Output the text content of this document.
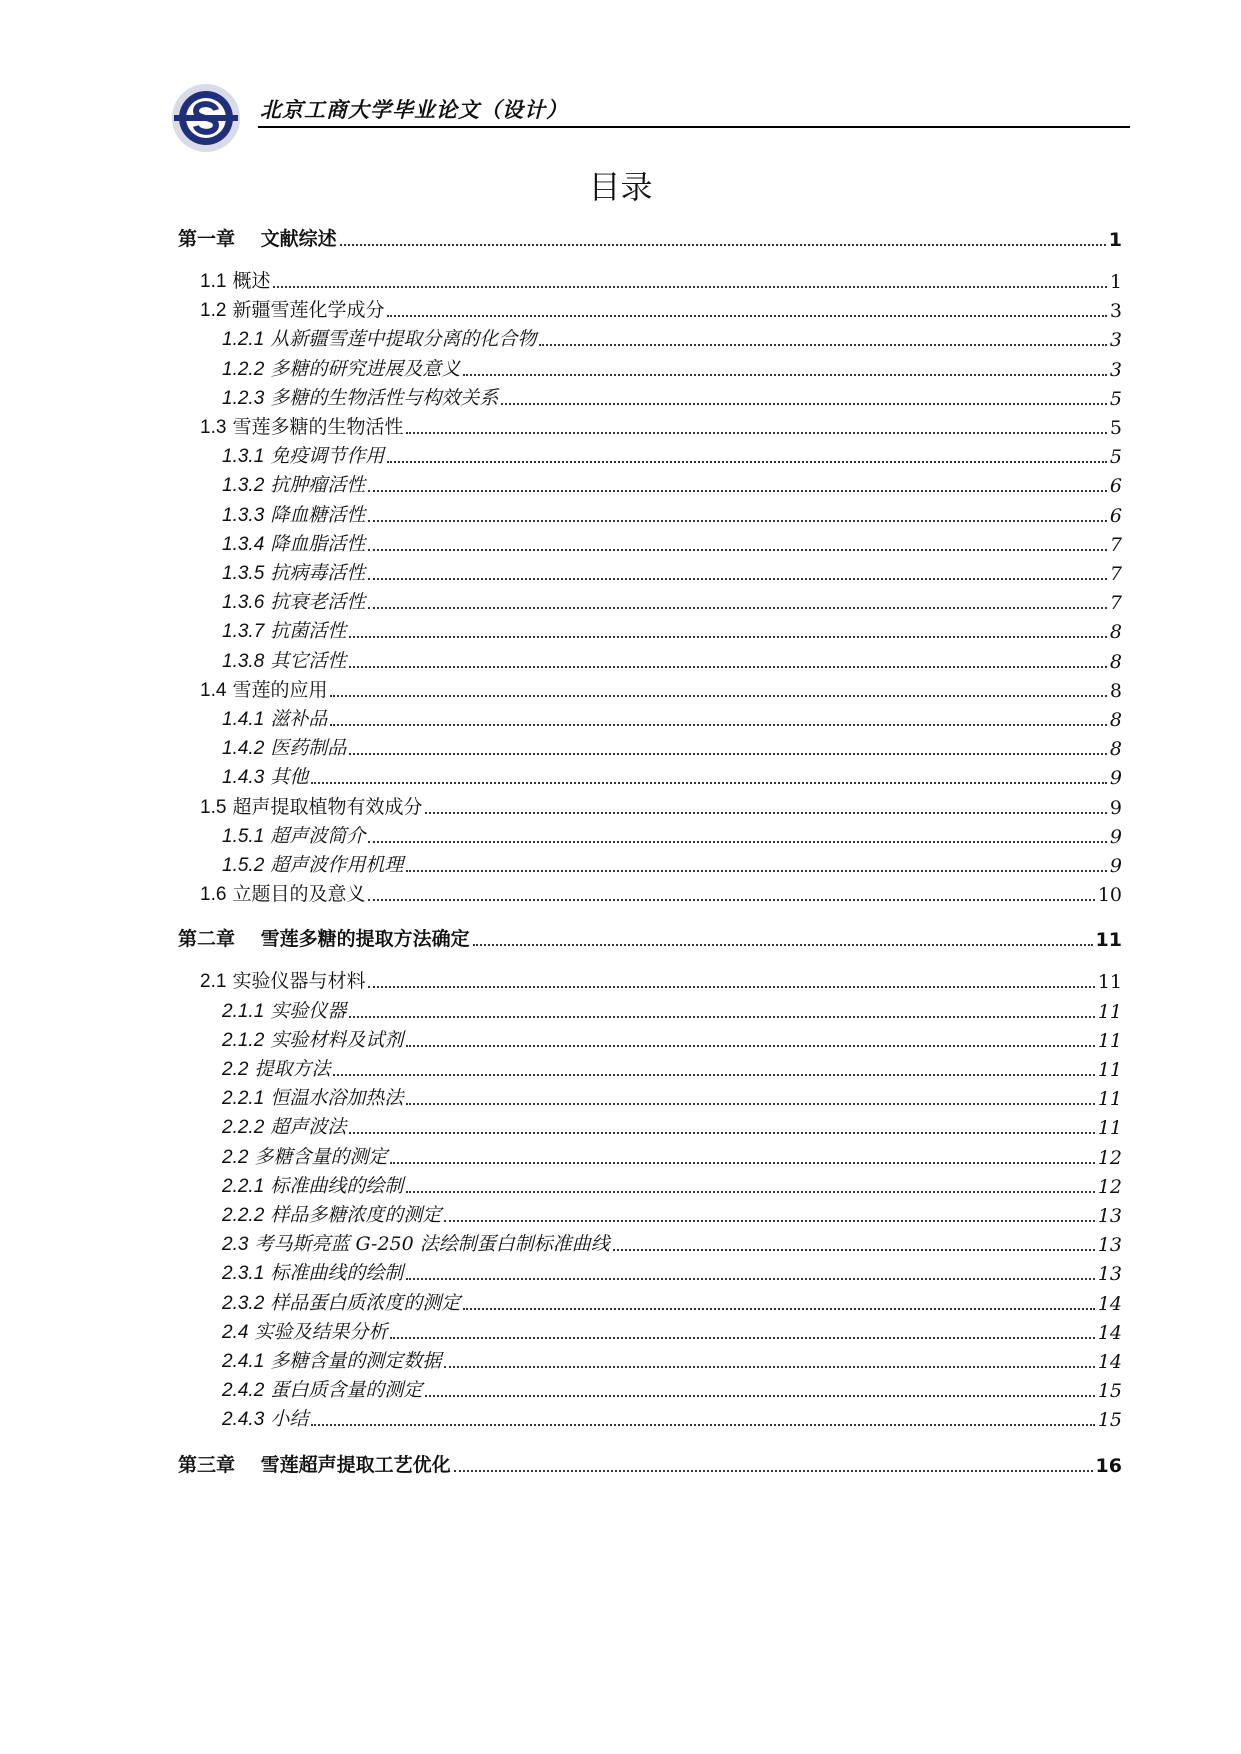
北京工商大学毕业论文（设计）
目录
第一章　 文献综述	1
1.1 概述	1
1.2 新疆雪莲化学成分	3
1.2.1 从新疆雪莲中提取分离的化合物	3
1.2.2 多糖的研究进展及意义	3
1.2.3 多糖的生物活性与构效关系	5
1.3 雪莲多糖的生物活性	5
1.3.1 免疫调节作用	5
1.3.2 抗肿瘤活性	6
1.3.3 降血糖活性	6
1.3.4 降血脂活性	7
1.3.5 抗病毒活性	7
1.3.6 抗衰老活性	7
1.3.7 抗菌活性	8
1.3.8 其它活性	8
1.4 雪莲的应用	8
1.4.1 滋补品	8
1.4.2 医药制品	8
1.4.3 其他	9
1.5 超声提取植物有效成分	9
1.5.1 超声波简介	9
1.5.2 超声波作用机理	9
1.6 立题目的及意义	10
第二章　 雪莲多糖的提取方法确定	11
2.1 实验仪器与材料	11
2.1.1 实验仪器	11
2.1.2 实验材料及试剂	11
2.2 提取方法	11
2.2.1 恒温水浴加热法	11
2.2.2 超声波法	11
2.2 多糖含量的测定	12
2.2.1 标准曲线的绘制	12
2.2.2 样品多糖浓度的测定	13
2.3 考马斯亮蓝 G-250 法绘制蛋白制标准曲线	13
2.3.1 标准曲线的绘制	13
2.3.2 样品蛋白质浓度的测定	14
2.4 实验及结果分析	14
2.4.1 多糖含量的测定数据	14
2.4.2 蛋白质含量的测定	15
2.4.3 小结	15
第三章　 雪莲超声提取工艺优化	16
